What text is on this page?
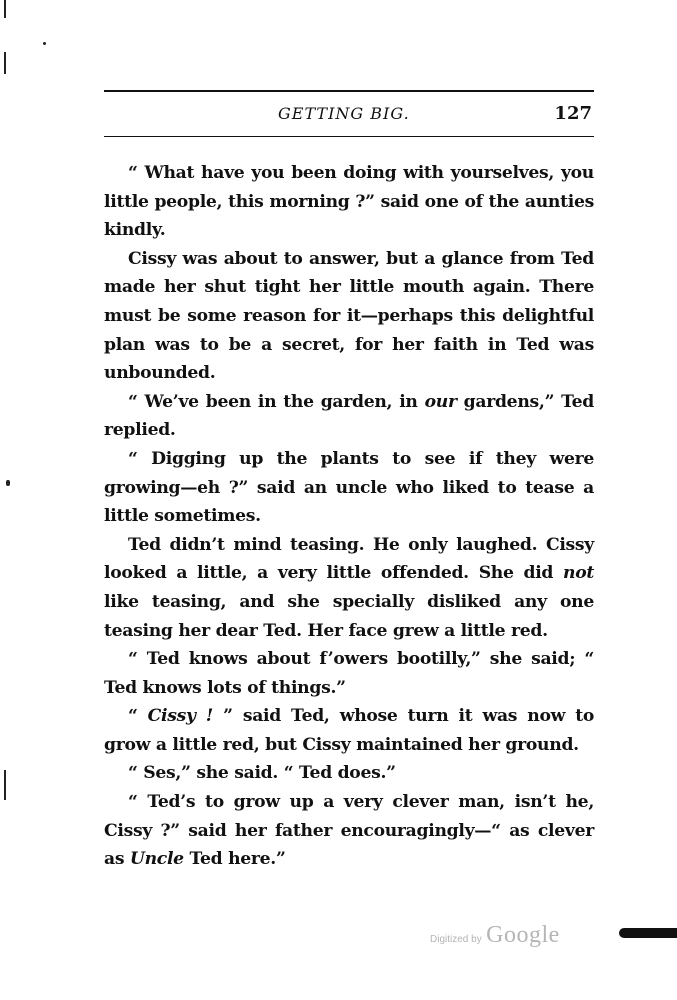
GETTING BIG.	127

“ What have you been doing with yourselves, you little people, this morning ?” said one of the aunties kindly.

Cissy was about to answer, but a glance from Ted made her shut tight her little mouth again. There must be some reason for it—perhaps this delightful plan was to be a secret, for her faith in Ted was unbounded.

“ We’ve been in the garden, in our gardens,” Ted replied.

“ Digging up the plants to see if they were growing—eh ?” said an uncle who liked to tease a little sometimes.

Ted didn’t mind teasing. He only laughed. Cissy looked a little, a very little offended. She did not like teasing, and she specially disliked any one teasing her dear Ted. Her face grew a little red.

“ Ted knows about f’owers bootilly,” she said; “ Ted knows lots of things.”

“ Cissy ! ” said Ted, whose turn it was now to grow a little red, but Cissy maintained her ground.

“ Ses,” she said. “ Ted does.”

“ Ted’s to grow up a very clever man, isn’t he, Cissy ?” said her father encouragingly—“ as clever as Uncle Ted here.”

Digitized by Google
